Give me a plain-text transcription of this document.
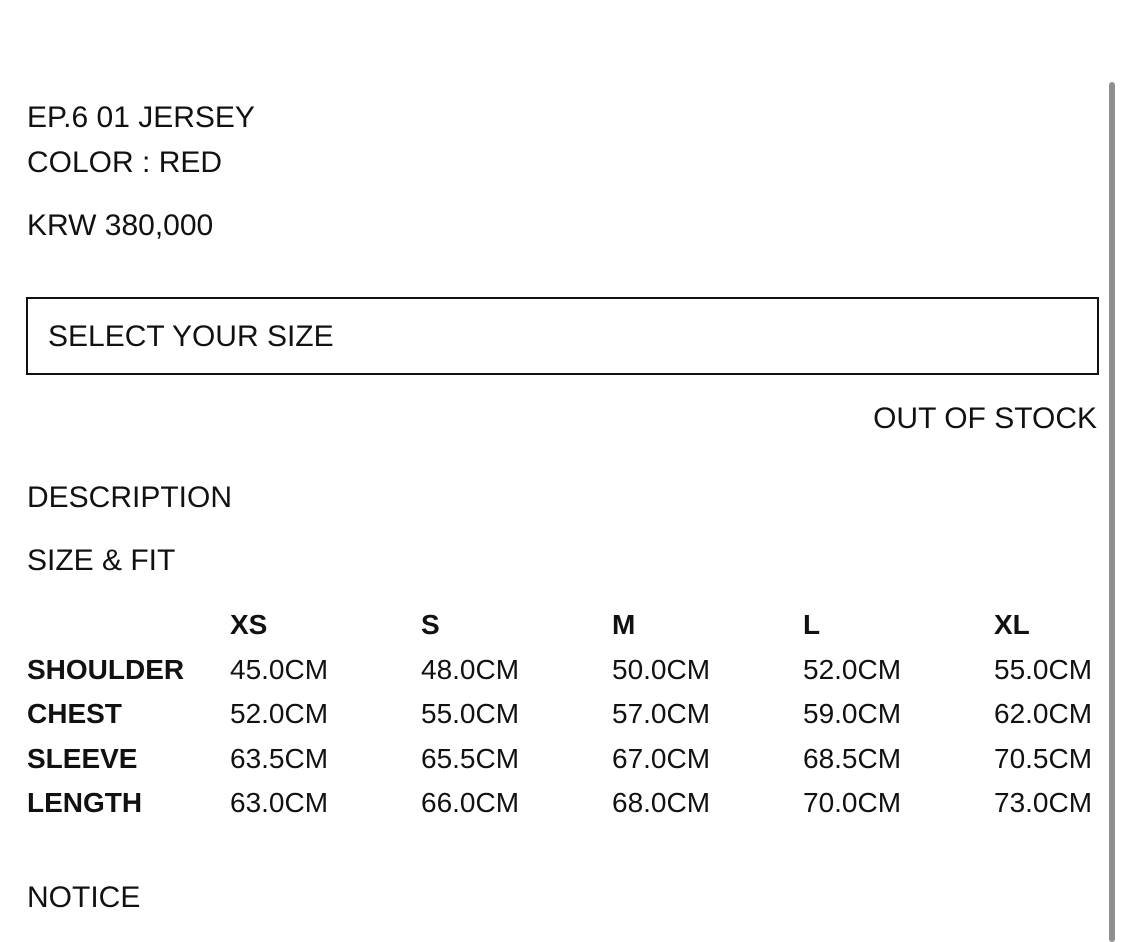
EP.6 01 JERSEY
COLOR : RED
KRW 380,000
SELECT YOUR SIZE
OUT OF STOCK
DESCRIPTION
SIZE & FIT
	XS	S	M	L	XL
SHOULDER	45.0CM	48.0CM	50.0CM	52.0CM	55.0CM
CHEST	52.0CM	55.0CM	57.0CM	59.0CM	62.0CM
SLEEVE	63.5CM	65.5CM	67.0CM	68.5CM	70.5CM
LENGTH	63.0CM	66.0CM	68.0CM	70.0CM	73.0CM
NOTICE
